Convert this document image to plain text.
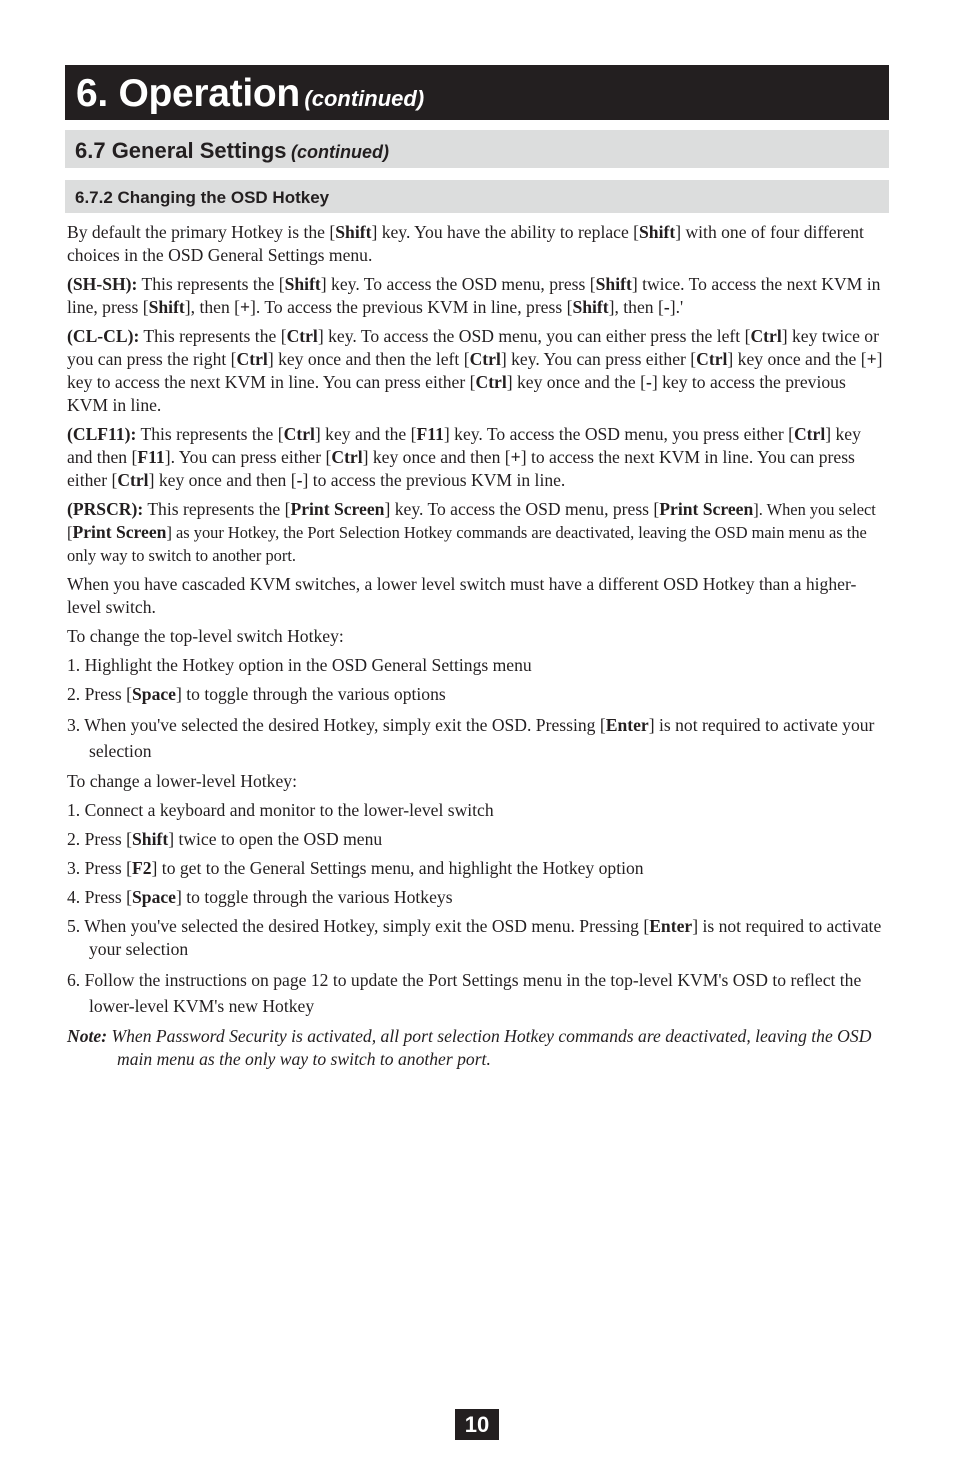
6. Operation (continued)
6.7 General Settings (continued)
6.7.2 Changing the OSD Hotkey

By default the primary Hotkey is the [Shift] key. You have the ability to replace [Shift] with one of four different choices in the OSD General Settings menu.

(SH-SH): This represents the [Shift] key. To access the OSD menu, press [Shift] twice. To access the next KVM in line, press [Shift], then [+]. To access the previous KVM in line, press [Shift], then [-].'

(CL-CL): This represents the [Ctrl] key. To access the OSD menu, you can either press the left [Ctrl] key twice or you can press the right [Ctrl] key once and then the left [Ctrl] key. You can press either [Ctrl] key once and the [+] key to access the next KVM in line. You can press either [Ctrl] key once and the [-] key to access the previous KVM in line.

(CLF11): This represents the [Ctrl] key and the [F11] key. To access the OSD menu, you press either [Ctrl] key and then [F11]. You can press either [Ctrl] key once and then [+] to access the next KVM in line. You can press either [Ctrl] key once and then [-] to access the previous KVM in line.

(PRSCR): This represents the [Print Screen] key. To access the OSD menu, press [Print Screen]. When you select [Print Screen] as your Hotkey, the Port Selection Hotkey commands are deactivated, leaving the OSD main menu as the only way to switch to another port.

When you have cascaded KVM switches, a lower level switch must have a different OSD Hotkey than a higher-level switch.

To change the top-level switch Hotkey:

1. Highlight the Hotkey option in the OSD General Settings menu

2. Press [Space] to toggle through the various options

3. When you've selected the desired Hotkey, simply exit the OSD. Pressing [Enter] is not required to activate your selection

To change a lower-level Hotkey:

1. Connect a keyboard and monitor to the lower-level switch

2. Press [Shift] twice to open the OSD menu

3. Press [F2] to get to the General Settings menu, and highlight the Hotkey option

4. Press [Space] to toggle through the various Hotkeys

5. When you've selected the desired Hotkey, simply exit the OSD menu. Pressing [Enter] is not required to activate your selection

6. Follow the instructions on page 12 to update the Port Settings menu in the top-level KVM's OSD to reflect the lower-level KVM's new Hotkey

Note: When Password Security is activated, all port selection Hotkey commands are deactivated, leaving the OSD main menu as the only way to switch to another port.

10
